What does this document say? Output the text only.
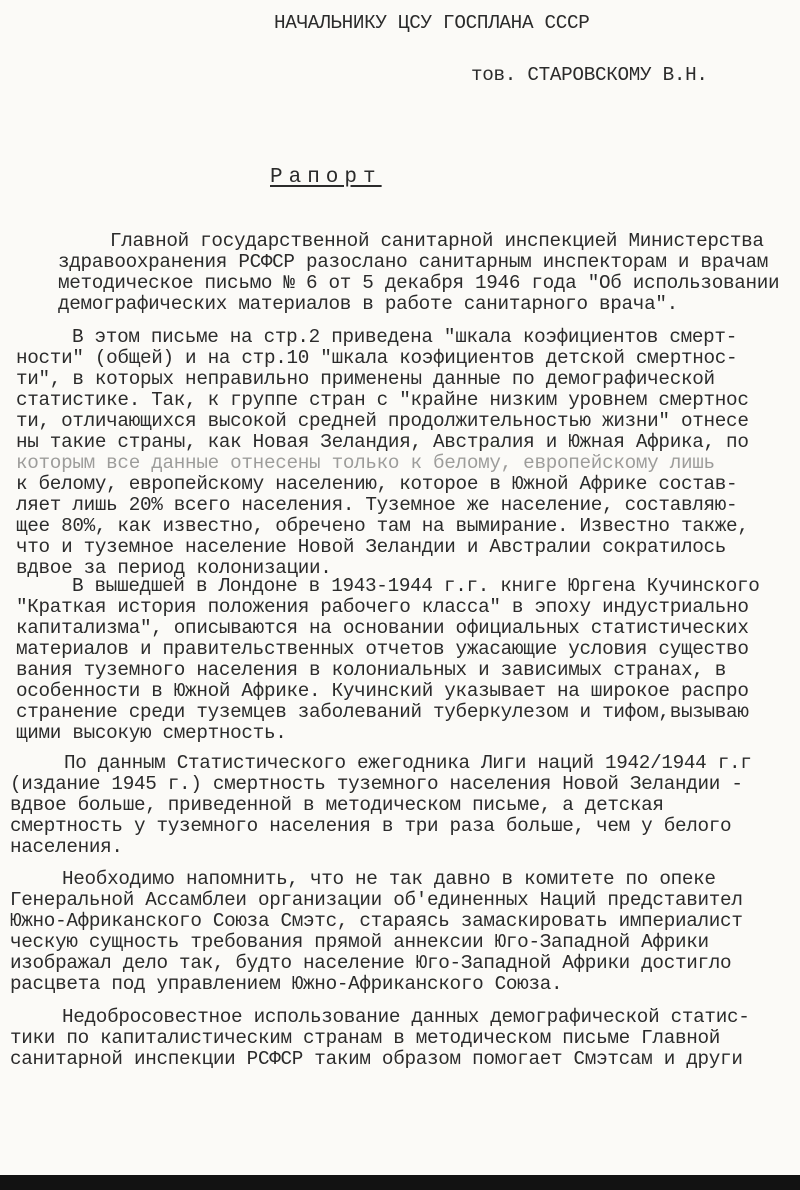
НАЧАЛЬНИКУ ЦСУ ГОСПЛАНА СССР
тов. СТАРОВСКОМУ В.Н.
Рапорт
Главной государственной санитарной инспекцией Министерства
здравоохранения РСФСР разослано санитарным инспекторам и врачам
методическое письмо № 6 от 5 декабря 1946 года "Об использовании
демографических материалов в работе санитарного врача".
В этом письме на стр.2 приведена "шкала коэфициентов смерт-
ности" (общей) и на стр.10 "шкала коэфициентов детской смертнос-
ти", в которых неправильно применены данные по демографической
статистике. Так, к группе стран с "крайне низким уровнем смертнос
ти, отличающихся высокой средней продолжительностью жизни" отнесе
ны такие страны, как Новая Зеландия, Австралия и Южная Африка, по
которым все данные отнесены только к белому, европейскому лишь
к белому, европейскому населению, которое в Южной Африке состав-
ляет лишь 20% всего населения. Туземное же население, составляю-
щее 80%, как известно, обречено там на вымирание. Известно также,
что и туземное население Новой Зеландии и Австралии сократилось
вдвое за период колонизации.
В вышедшей в Лондоне в 1943-1944 г.г. книге Юргена Кучинского
"Краткая история положения рабочего класса" в эпоху индустриально
капитализма", описываются на основании официальных статистических
материалов и правительственных отчетов ужасающие условия существо
вания туземного населения в колониальных и зависимых странах, в
особенности в Южной Африке. Кучинский указывает на широкое распро
странение среди туземцев заболеваний туберкулезом и тифом,вызываю
щими высокую смертность.
По данным Статистического ежегодника Лиги наций 1942/1944 г.г
(издание 1945 г.) смертность туземного населения Новой Зеландии -
вдвое больше, приведенной в методическом письме, а детская
смертность у туземного населения в три раза больше, чем у белого
населения.
Необходимо напомнить, что не так давно в комитете по опеке
Генеральной Ассамблеи организации об'единенных Наций представител
Южно-Африканского Союза Смэтс, стараясь замаскировать империалист
ческую сущность требования прямой аннексии Юго-Западной Африки
изображал дело так, будто население Юго-Западной Африки достигло
расцвета под управлением Южно-Африканского Союза.
Недобросовестное использование данных демографической статис-
тики по капиталистическим странам в методическом письме Главной
санитарной инспекции РСФСР таким образом помогает Смэтсам и други
